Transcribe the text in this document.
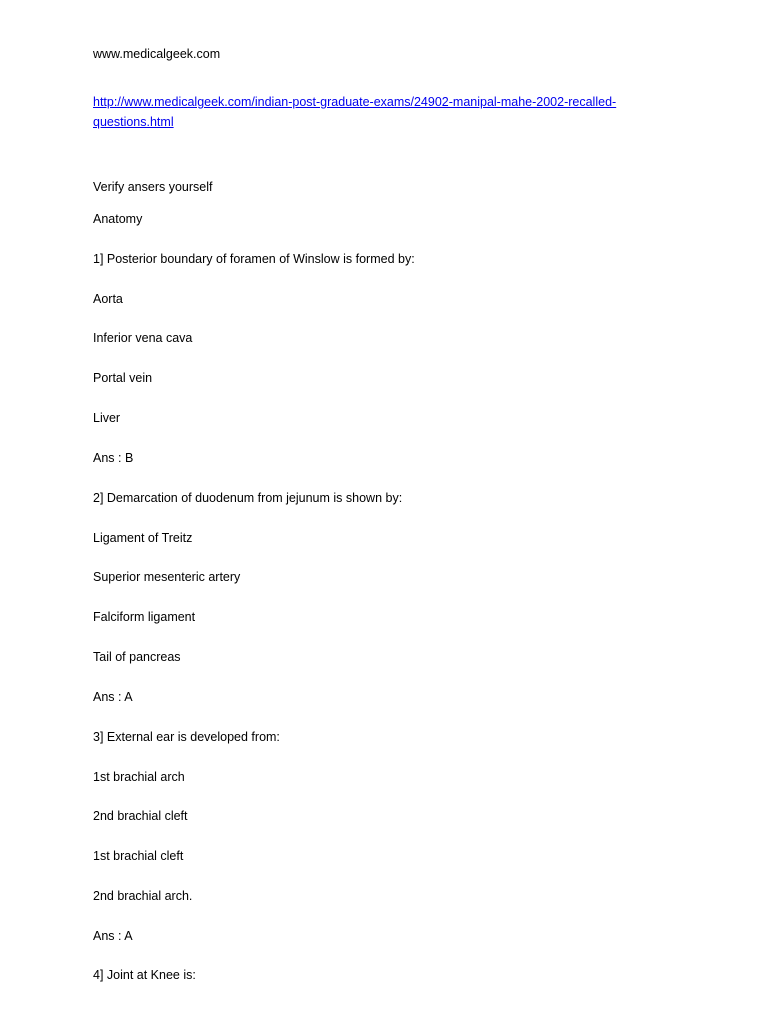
www.medicalgeek.com
http://www.medicalgeek.com/indian-post-graduate-exams/24902-manipal-mahe-2002-recalled-
questions.html
Verify ansers yourself
Anatomy
1] Posterior boundary of foramen of Winslow is formed by:
Aorta
Inferior vena cava
Portal vein
Liver
Ans : B
2] Demarcation of duodenum from jejunum is shown by:
Ligament of Treitz
Superior mesenteric artery
Falciform ligament
Tail of pancreas
Ans : A
3] External ear is developed from:
1st brachial arch
2nd brachial cleft
1st brachial cleft
2nd brachial arch.
Ans : A
4] Joint at Knee is:
